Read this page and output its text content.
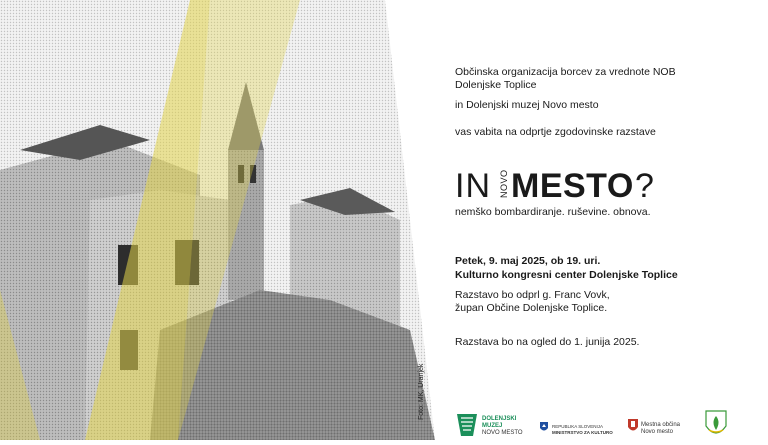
Foto: MK, Uranjek
Občinska organizacija borcev za vrednote NOB
Dolenjske Toplice
in Dolenjski muzej Novo mesto
vas vabita na odprtje zgodovinske razstave
IN NOVO MESTO ?
nemško bombardiranje. ruševine. obnova.
Petek, 9. maj 2025, ob 19. uri.
Kulturno kongresni center Dolenjske Toplice
Razstavo bo odprl g. Franc Vovk,
župan Občine Dolenjske Toplice.
Razstava bo na ogled do 1. junija 2025.
DOLENJSKI
MUZEJ
NOVO MESTO
REPUBLIKA SLOVENIJA
MINISTRSTVO ZA KULTURO
Mestna občina
Novo mesto
